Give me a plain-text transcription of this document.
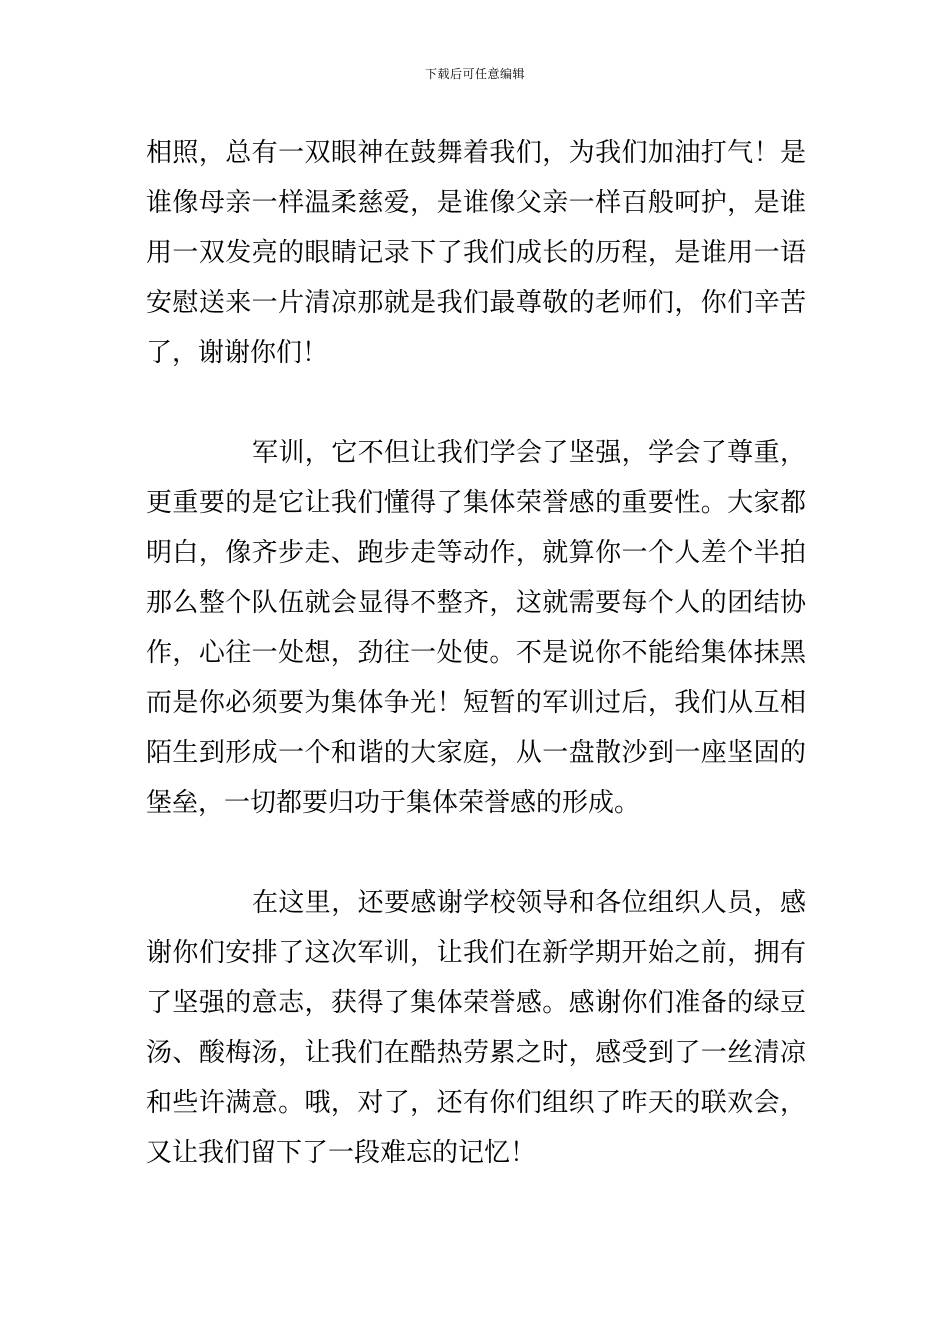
下载后可任意编辑
相照，总有一双眼神在鼓舞着我们，为我们加油打气！是
谁像母亲一样温柔慈爱，是谁像父亲一样百般呵护，是谁
用一双发亮的眼睛记录下了我们成长的历程，是谁用一语
安慰送来一片清凉那就是我们最尊敬的老师们，你们辛苦
了，谢谢你们！
军训，它不但让我们学会了坚强，学会了尊重，
更重要的是它让我们懂得了集体荣誉感的重要性。大家都
明白，像齐步走、跑步走等动作，就算你一个人差个半拍
那么整个队伍就会显得不整齐，这就需要每个人的团结协
作，心往一处想，劲往一处使。不是说你不能给集体抹黑
而是你必须要为集体争光！短暂的军训过后，我们从互相
陌生到形成一个和谐的大家庭，从一盘散沙到一座坚固的
堡垒，一切都要归功于集体荣誉感的形成。
在这里，还要感谢学校领导和各位组织人员，感
谢你们安排了这次军训，让我们在新学期开始之前，拥有
了坚强的意志，获得了集体荣誉感。感谢你们准备的绿豆
汤、酸梅汤，让我们在酷热劳累之时，感受到了一丝清凉
和些许满意。哦，对了，还有你们组织了昨天的联欢会，
又让我们留下了一段难忘的记忆！
